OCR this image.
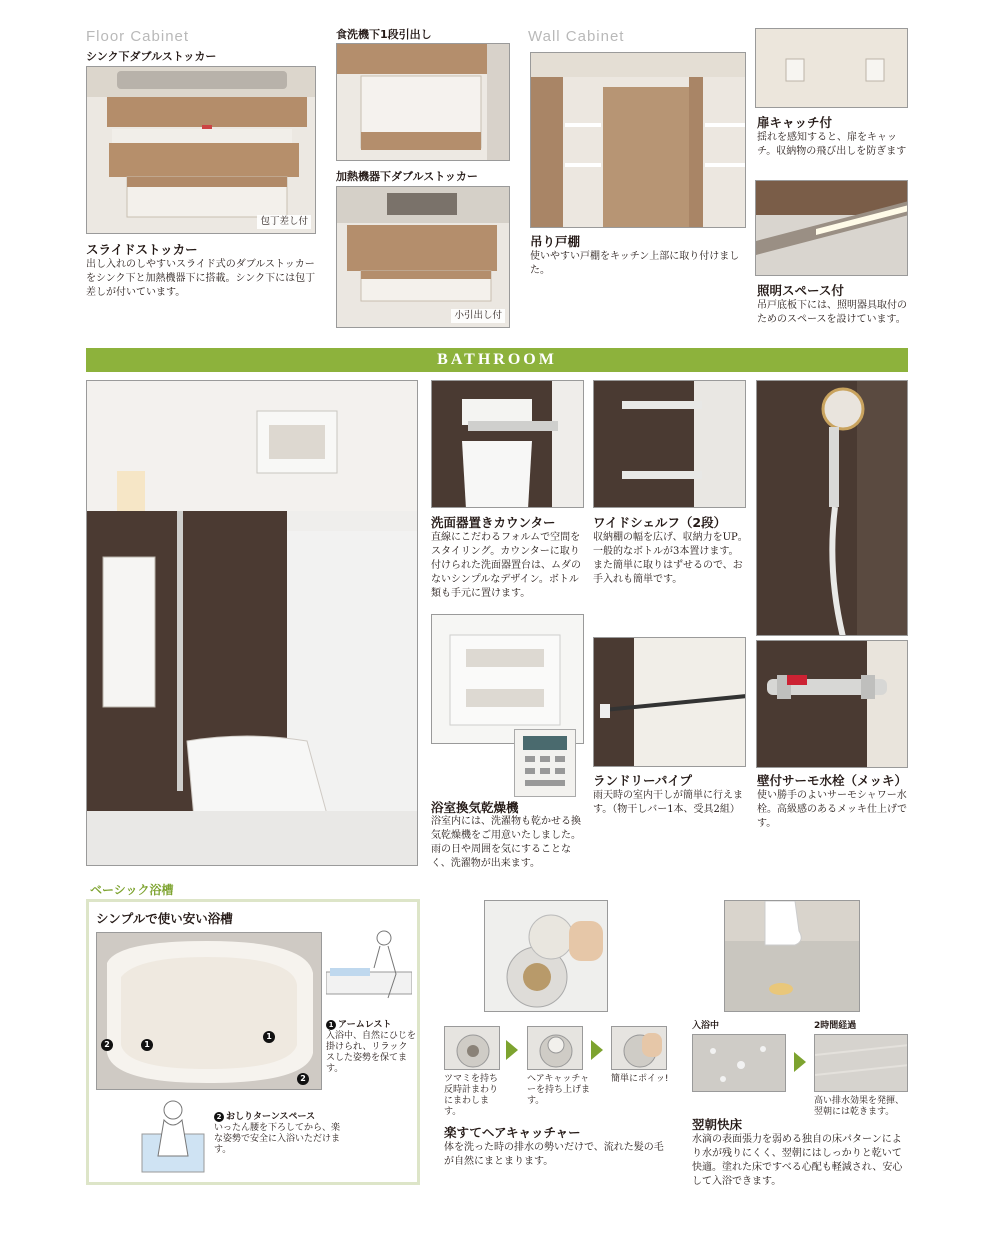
Floor Cabinet
シンク下ダブルストッカー
包丁差し付
スライドストッカー
出し入れのしやすいスライド式のダブルストッカーをシンク下と加熱機器下に搭載。シンク下には包丁差しが付いています。
食洗機下1段引出し
加熱機器下ダブルストッカー
小引出し付
Wall Cabinet
吊り戸棚
使いやすい戸棚をキッチン上部に取り付けました。
扉キャッチ付
揺れを感知すると、扉をキャッチ。収納物の飛び出しを防ぎます
照明スペース付
吊戸底板下には、照明器具取付のためのスペースを設けています。
BATHROOM
洗面器置きカウンター
直線にこだわるフォルムで空間をスタイリング。カウンターに取り付けられた洗面器置台は、ムダのないシンプルなデザイン。ボトル類も手元に置けます。
ワイドシェルフ（2段）
収納棚の幅を広げ、収納力をUP。一般的なボトルが3本置けます。また簡単に取りはずせるので、お手入れも簡単です。
浴室換気乾燥機
浴室内には、洗濯物も乾かせる換気乾燥機をご用意いたしました。雨の日や周囲を気にすることなく、洗濯物が出来ます。
ランドリーパイプ
雨天時の室内干しが簡単に行えます。（物干しバー1本、受具2組）
壁付サーモ水栓（メッキ）
使い勝手のよいサーモシャワー水栓。高級感のあるメッキ仕上げです。
ベーシック浴槽
シンプルで使い安い浴槽
2	1
1
2
1 アームレスト
入浴中、自然にひじを掛けられ、リラックスした姿勢を保てます。
2 おしりターンスペース
いったん腰を下ろしてから、楽な姿勢で安全に入浴いただけます。
ツマミを持ち反時計まわりにまわします。
ヘアキャッチャーを持ち上げます。
簡単にポイッ!
楽すてヘアキャッチャー
体を洗った時の排水の勢いだけで、流れた髪の毛が自然にまとまります。
入浴中	2時間経過
高い排水効果を発揮、翌朝には乾きます。
翌朝快床
水滴の表面張力を弱める独自の床パターンにより水が残りにくく、翌朝にはしっかりと乾いて快適。塗れた床ですべる心配も軽減され、安心して入浴できます。
